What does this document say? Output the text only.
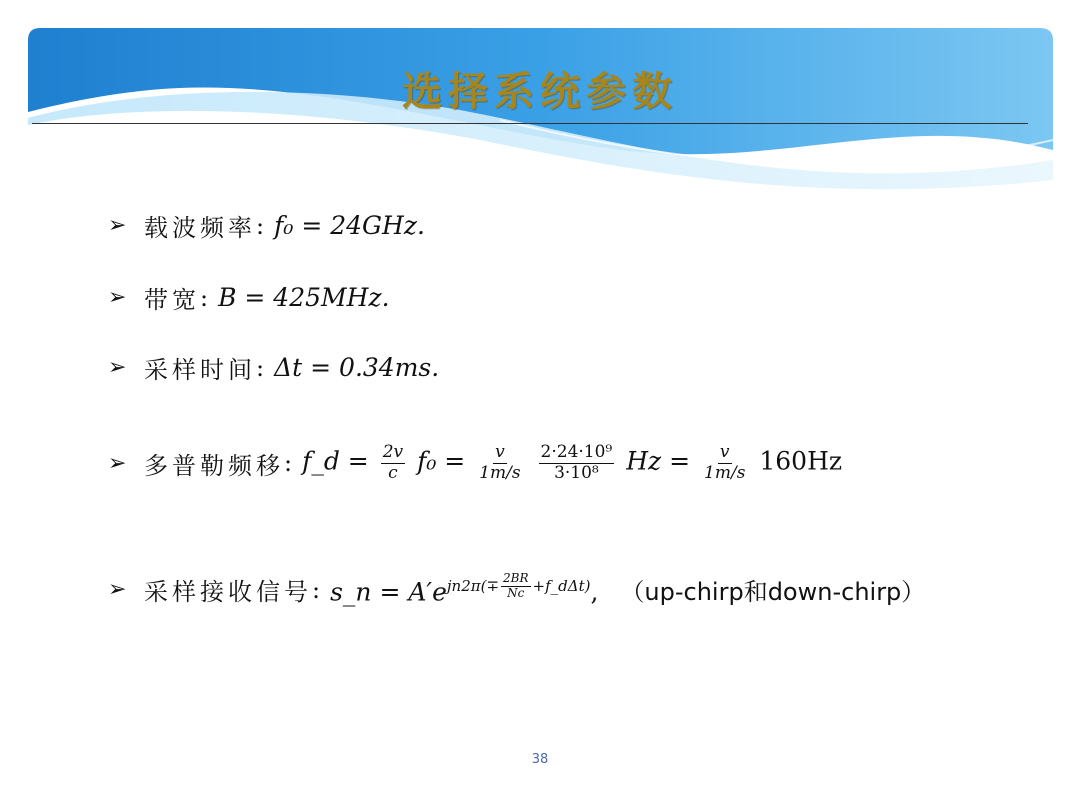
选择系统参数
➢ 载波频率 : f₀ = 24GHz.
➢ 带宽 : B = 425MHz.
➢ 采样时间 : Δt = 0.34ms.
➢ 多普勒频移 : f_d = $\frac{2v}{c} f_0 = \frac{v}{1m/s}$
$\frac{\text{2·24·10⁹}}{\text{3·10⁸}}$ $Hz = \frac{v}{1m/s} 160Hz$
➢ 采样接收信号 : s_n = A′e $jn2\pi(\mp \frac{2BR}{Nc}$ +f_dΔt) , （up-chirp和down-chirp）
38
